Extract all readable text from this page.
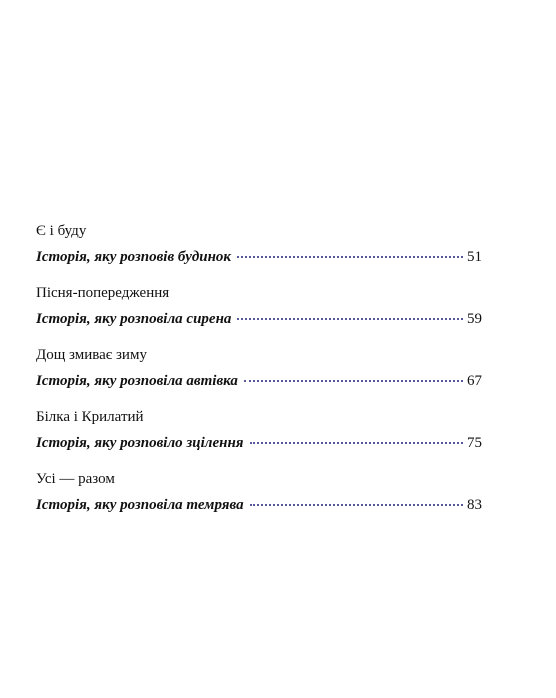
Є і буду
Історія, яку розповів будинок	51
Пісня-попередження
Історія, яку розповіла сирена	59
Дощ змиває зиму
Історія, яку розповіла автівка	67
Білка і Крилатий
Історія, яку розповіло зцілення	75
Усі — разом
Історія, яку розповіла темрява	83
